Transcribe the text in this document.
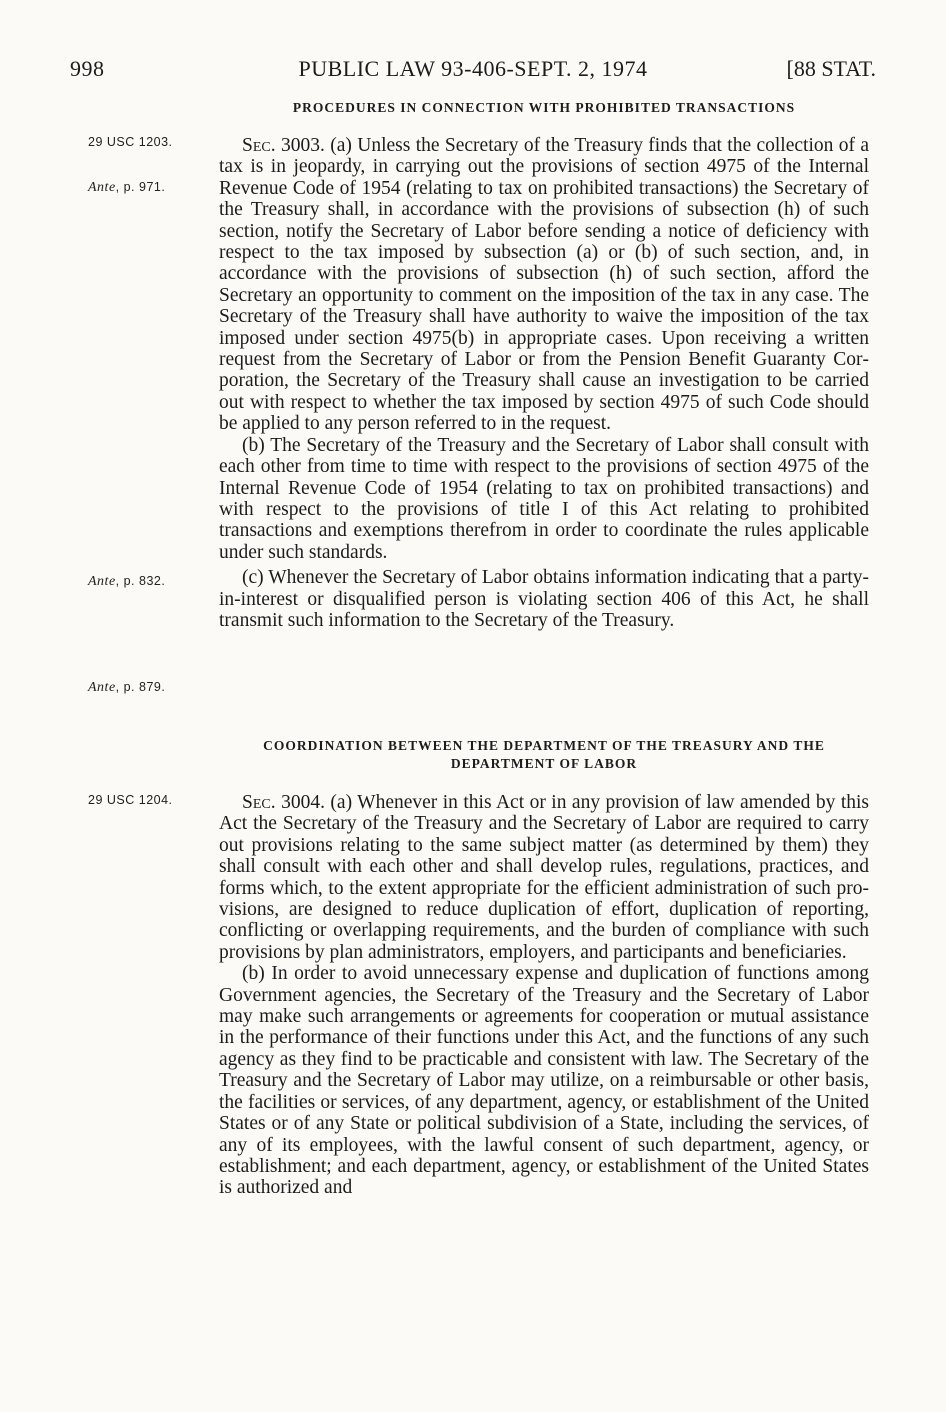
998	PUBLIC LAW 93-406-SEPT. 2, 1974	[88 STAT.
PROCEDURES IN CONNECTION WITH PROHIBITED TRANSACTIONS
29 USC 1203.
Ante, p. 971.
Ante, p. 832.
Ante, p. 879.
29 USC 1204.

Sec. 3003. (a) Unless the Secretary of the Treasury finds that the collection of a tax is in jeopardy, in carrying out the provisions of section 4975 of the Internal Revenue Code of 1954 (relating to tax on prohibited transactions) the Secretary of the Treasury shall, in accordance with the provisions of subsection (h) of such section, notify the Secretary of Labor before sending a notice of deficiency with respect to the tax imposed by subsection (a) or (b) of such section, and, in accordance with the provisions of subsection (h) of such section, afford the Secretary an opportunity to comment on the imposition of the tax in any case. The Secretary of the Treasury shall have authority to waive the imposition of the tax imposed under section 4975(b) in appropriate cases. Upon receiving a written request from the Secretary of Labor or from the Pension Benefit Guaranty Corporation, the Secretary of the Treasury shall cause an investigation to be carried out with respect to whether the tax imposed by section 4975 of such Code should be applied to any person referred to in the request.

(b) The Secretary of the Treasury and the Secretary of Labor shall consult with each other from time to time with respect to the provisions of section 4975 of the Internal Revenue Code of 1954 (relating to tax on prohibited transactions) and with respect to the provisions of title I of this Act relating to prohibited transactions and exemptions therefrom in order to coordinate the rules applicable under such standards.

(c) Whenever the Secretary of Labor obtains information indicating that a party-in-interest or disqualified person is violating section 406 of this Act, he shall transmit such information to the Secretary of the Treasury.

COORDINATION BETWEEN THE DEPARTMENT OF THE TREASURY AND THE DEPARTMENT OF LABOR

Sec. 3004. (a) Whenever in this Act or in any provision of law amended by this Act the Secretary of the Treasury and the Secretary of Labor are required to carry out provisions relating to the same subject matter (as determined by them) they shall consult with each other and shall develop rules, regulations, practices, and forms which, to the extent appropriate for the efficient administration of such provisions, are designed to reduce duplication of effort, duplication of reporting, conflicting or overlapping requirements, and the burden of compliance with such provisions by plan administrators, employers, and participants and beneficiaries.

(b) In order to avoid unnecessary expense and duplication of functions among Government agencies, the Secretary of the Treasury and the Secretary of Labor may make such arrangements or agreements for cooperation or mutual assistance in the performance of their functions under this Act, and the functions of any such agency as they find to be practicable and consistent with law. The Secretary of the Treasury and the Secretary of Labor may utilize, on a reimbursable or other basis, the facilities or services, of any department, agency, or establishment of the United States or of any State or political subdivision of a State, including the services, of any of its employees, with the lawful consent of such department, agency, or establishment; and each department, agency, or establishment of the United States is authorized and
